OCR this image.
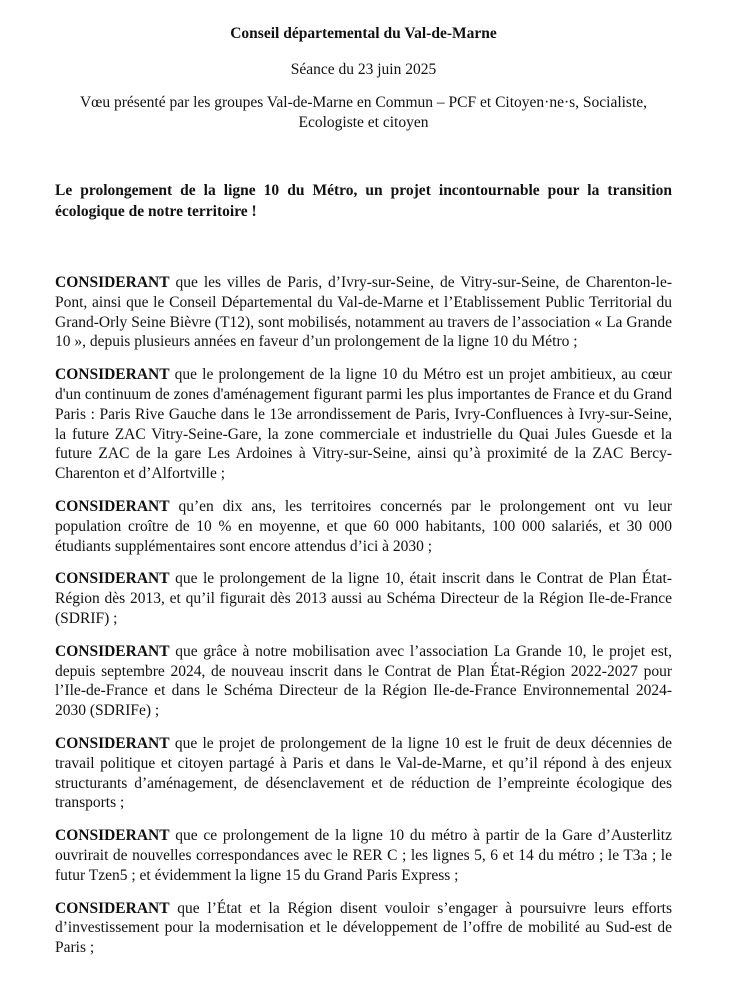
Conseil départemental du Val-de-Marne
Séance du 23 juin 2025
Vœu présenté par les groupes Val-de-Marne en Commun – PCF et Citoyen·ne·s, Socialiste,
Ecologiste et citoyen
Le prolongement de la ligne 10 du Métro, un projet incontournable pour la transition écologique de notre territoire !

CONSIDERANT que les villes de Paris, d’Ivry-sur-Seine, de Vitry-sur-Seine, de Charenton-le-Pont, ainsi que le Conseil Départemental du Val-de-Marne et l’Etablissement Public Territorial du Grand-Orly Seine Bièvre (T12), sont mobilisés, notamment au travers de l’association « La Grande 10 », depuis plusieurs années en faveur d’un prolongement de la ligne 10 du Métro ;

CONSIDERANT que le prolongement de la ligne 10 du Métro est un projet ambitieux, au cœur d'un continuum de zones d'aménagement figurant parmi les plus importantes de France et du Grand Paris : Paris Rive Gauche dans le 13e arrondissement de Paris, Ivry-Confluences à Ivry-sur-Seine, la future ZAC Vitry-Seine-Gare, la zone commerciale et industrielle du Quai Jules Guesde et la future ZAC de la gare Les Ardoines à Vitry-sur-Seine, ainsi qu’à proximité de la ZAC Bercy-Charenton et d’Alfortville ;

CONSIDERANT qu’en dix ans, les territoires concernés par le prolongement ont vu leur population croître de 10 % en moyenne, et que 60 000 habitants, 100 000 salariés, et 30 000 étudiants supplémentaires sont encore attendus d’ici à 2030 ;

CONSIDERANT que le prolongement de la ligne 10, était inscrit dans le Contrat de Plan État-Région dès 2013, et qu’il figurait dès 2013 aussi au Schéma Directeur de la Région Ile-de-France (SDRIF) ;

CONSIDERANT que grâce à notre mobilisation avec l’association La Grande 10, le projet est, depuis septembre 2024, de nouveau inscrit dans le Contrat de Plan État-Région 2022-2027 pour l’Ile-de-France et dans le Schéma Directeur de la Région Ile-de-France Environnemental 2024-2030 (SDRIFe) ;

CONSIDERANT que le projet de prolongement de la ligne 10 est le fruit de deux décennies de travail politique et citoyen partagé à Paris et dans le Val-de-Marne, et qu’il répond à des enjeux structurants d’aménagement, de désenclavement et de réduction de l’empreinte écologique des transports ;

CONSIDERANT que ce prolongement de la ligne 10 du métro à partir de la Gare d’Austerlitz ouvrirait de nouvelles correspondances avec le RER C ; les lignes 5, 6 et 14 du métro ; le T3a ; le futur Tzen5 ; et évidemment la ligne 15 du Grand Paris Express ;

CONSIDERANT que l’État et la Région disent vouloir s’engager à poursuivre leurs efforts d’investissement pour la modernisation et le développement de l’offre de mobilité au Sud-est de Paris ;
